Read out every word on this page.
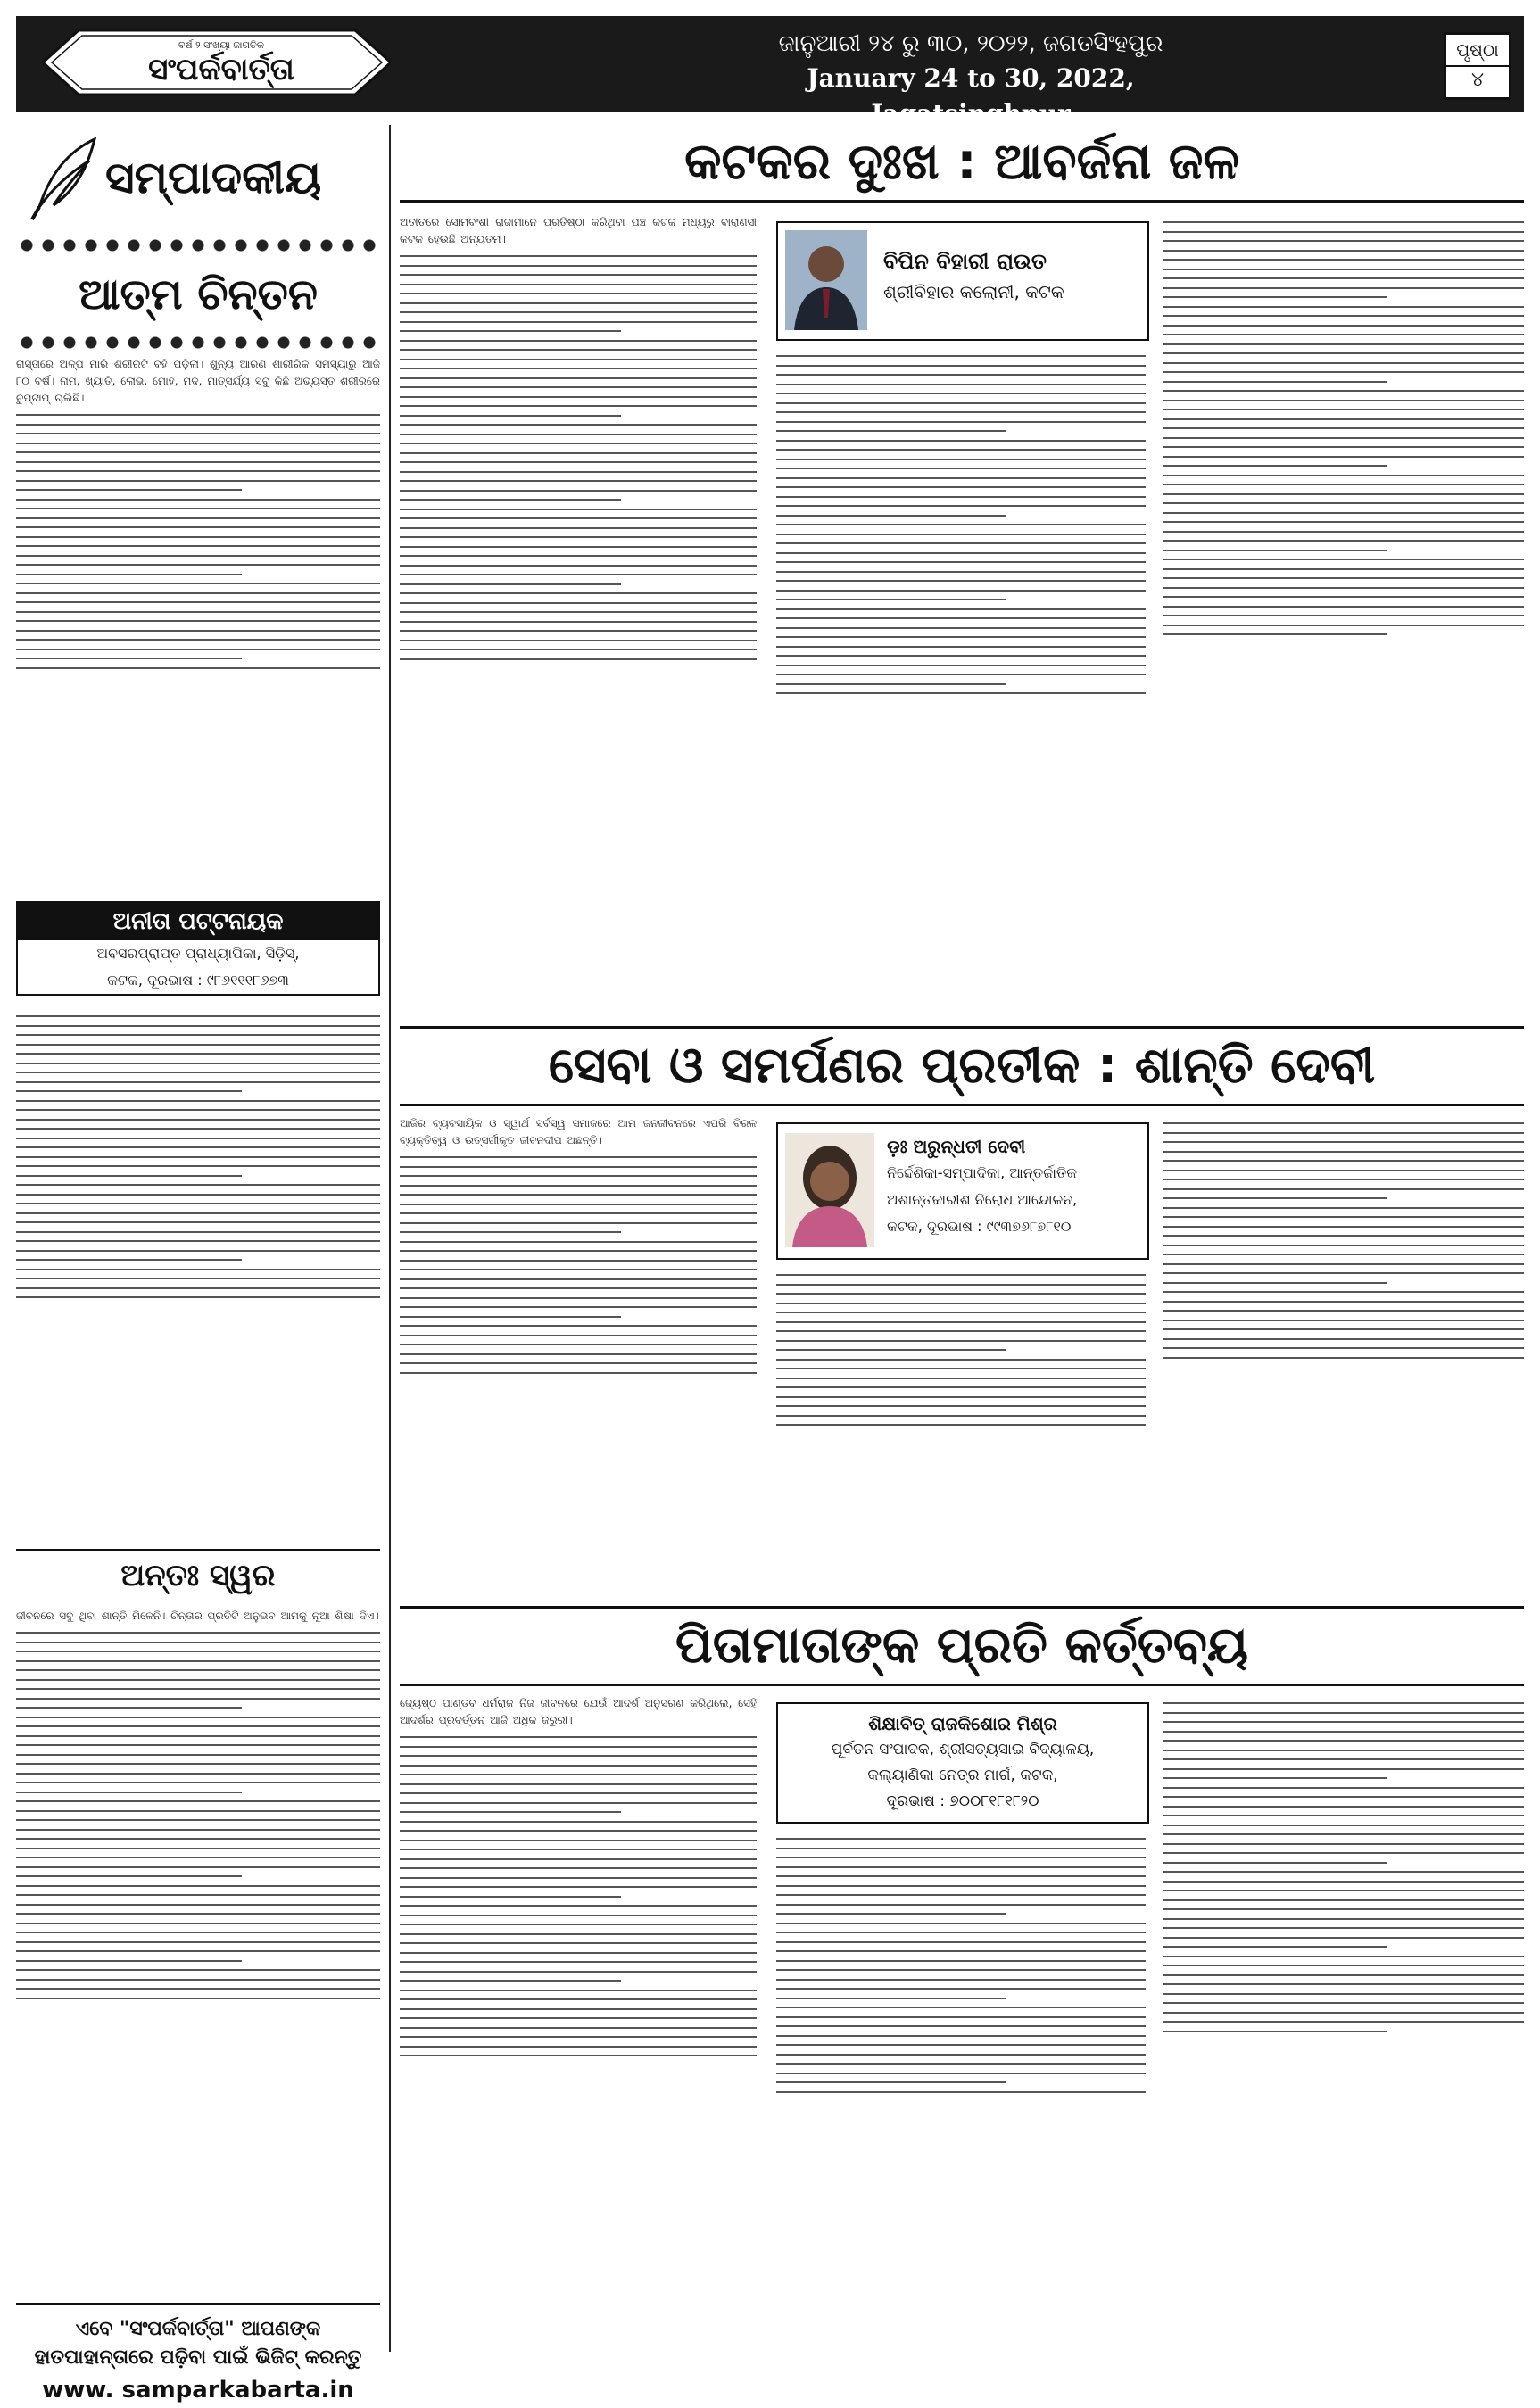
ବର୍ଷ ୨ ସଂଖ୍ୟା ଜାଗତିକ
ସଂପର୍କବାର୍ତ୍ତା
ଜାନୁଆରୀ ୨୪ ରୁ ୩୦, ୨୦୨୨, ଜଗତସିଂହପୁର
January 24 to 30, 2022, Jagatsinghpur
ପୃଷ୍ଠା
୪
ସମ୍ପାଦକୀୟ
ଆତ୍ମ ଚିନ୍ତନ
ରାସ୍ତାରେ ଅଳ୍ପ ମାରି ଶରୀରଟି ବହି ପଡ଼ିଲା। ଶୁନ୍ୟ ଆରଣ ଶାରୀରିକ ସମସ୍ୟାରୁ ଆଜି ୮୦ ବର୍ଷ। ନାମ, ଖ୍ୟାତି, ଲୋଭ, ମୋହ, ମଦ, ମାତ୍ସର୍ଯ୍ୟ ସବୁ କିଛି ଅଭ୍ୟସ୍ତ ଶରୀରରେ ଚୁପ୍ଟାପ୍ ଚାଲିଛି।
ଅନୀତା ପଟ୍ଟନାୟକ
ଅବସରପ୍ରାପ୍ତ ପ୍ରାଧ୍ୟାପିକା, ସିଡ଼ିସ୍,
କଟକ, ଦୂରଭାଷ : ୯୮୬୧୧୧୮୬୭୩
ଅନ୍ତଃ ସ୍ୱର
ଜୀବନରେ ସବୁ ଥିବା ଶାନ୍ତି ମିଳେନି। ଚିନ୍ତାର ପ୍ରତିଟି ଅନୁଭବ ଆମକୁ ନୂଆ ଶିକ୍ଷା ଦିଏ।
ଏବେ "ସଂପର୍କବାର୍ତ୍ତା" ଆପଣଙ୍କ ହାତପାହାନ୍ତାରେ ପଢ଼ିବା ପାଇଁ ଭିଜିଟ୍ କରନ୍ତୁ
www. samparkabarta.in
କଟକର ଦୁଃଖ : ଆବର୍ଜନା ଜଳ
ଅତୀତରେ ସୋମବଂଶୀ ରାଜାମାନେ ପ୍ରତିଷ୍ଠା କରିଥିବା ପଞ୍ଚ କଟକ ମଧ୍ୟରୁ ବାରାଣସୀ କଟକ ହେଉଛି ଅନ୍ୟତମ।
ବିପିନ ବିହାରୀ ରାଉତ
ଶ୍ରୀବିହାର କଲୋନୀ, କଟକ
ସେବା ଓ ସମର୍ପଣର ପ୍ରତୀକ : ଶାନ୍ତି ଦେବୀ
ଆଜିର ବ୍ୟବସାୟିକ ଓ ସ୍ୱାର୍ଥ ସର୍ବସ୍ୱ ସମାଜରେ ଆମ ଜନଜୀବନରେ ଏପରି ବିରଳ ବ୍ୟକ୍ତିତ୍ୱ ଓ ଉତ୍ସର୍ଗୀକୃତ ଜୀବନଦୀପ ଅଛନ୍ତି।	ଡ଼ଃ ଅରୁନ୍ଧତୀ ଦେବୀ
ନିର୍ଦ୍ଦେଶିକା-ସମ୍ପାଦିକା, ଆନ୍ତର୍ଜାତିକ
ଅଶାନ୍ତକାରୀଶ ନିରୋଧ ଆନ୍ଦୋଳନ,
କଟକ, ଦୂରଭାଷ : ୯୯୩୭୬୮୭୮୧୦
ପିତାମାତାଙ୍କ ପ୍ରତି କର୍ତ୍ତବ୍ୟ
ଜ୍ୟେଷ୍ଠ ପାଣ୍ଡବ ଧର୍ମରାଜ ନିଜ ଜୀବନରେ ଯେଉଁ ଆଦର୍ଶ ଅନୁସରଣ କରିଥିଲେ, ସେହି ଆଦର୍ଶର ପ୍ରବର୍ତ୍ତନ ଆଜି ଅଧିକ ଜରୁରୀ।	ଶିକ୍ଷାବିତ୍ ରାଜକିଶୋର ମିଶ୍ର
ପୂର୍ବତନ ସଂପାଦକ, ଶ୍ରୀସତ୍ୟସାଇ ବିଦ୍ୟାଳୟ,
କଲ୍ୟାଣିକା ନେତ୍ର ମାର୍ଗ, କଟକ,
ଦୂରଭାଷ : ୭୦୦୮୧୮୧୮୨୦
